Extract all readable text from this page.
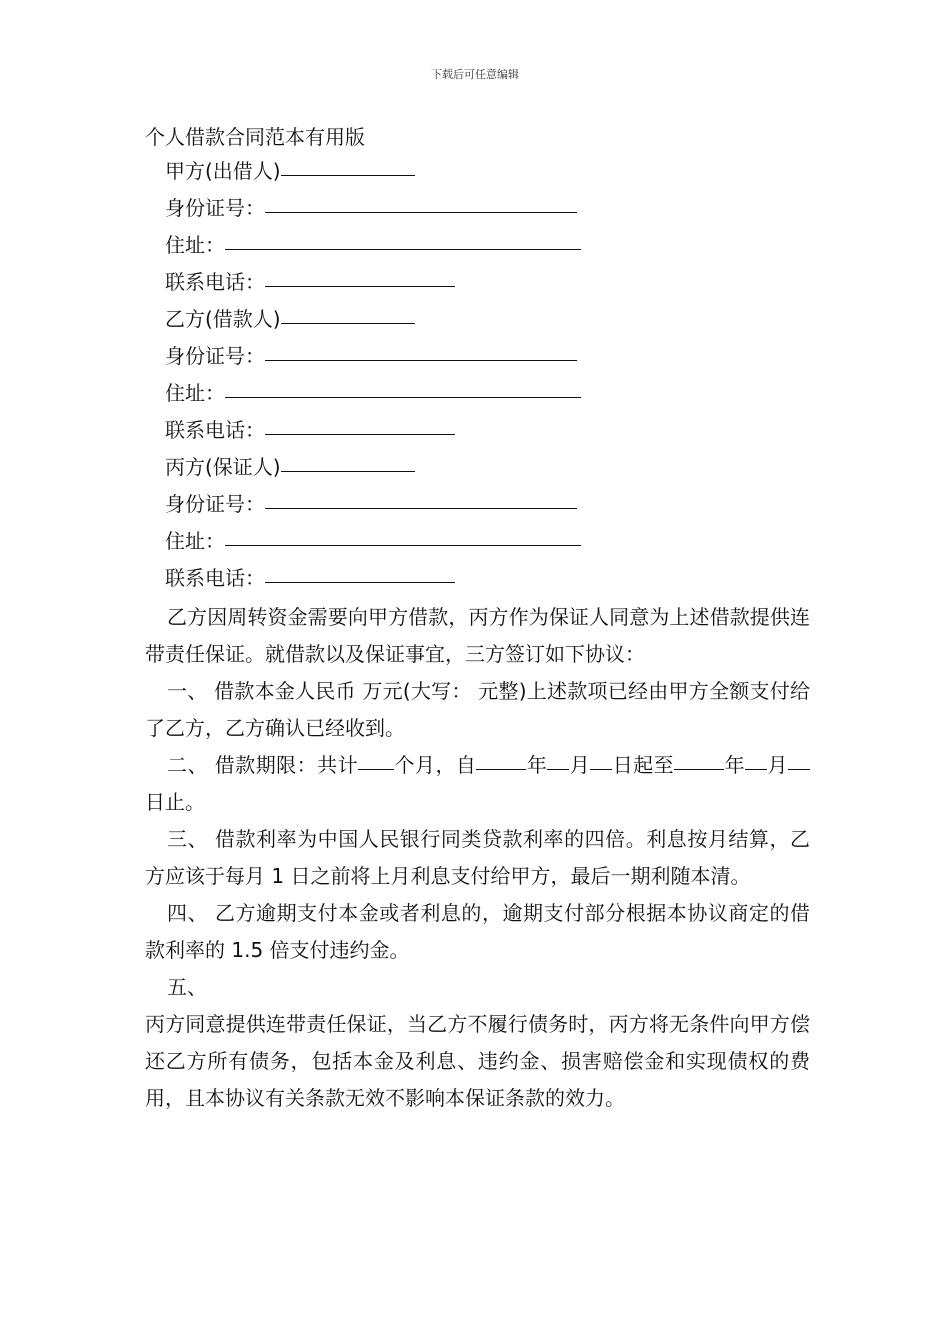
下载后可任意编辑
个人借款合同范本有用版
甲方(出借人)
身份证号：
住址：
联系电话：
乙方(借款人)
身份证号：
住址：
联系电话：
丙方(保证人)
身份证号：
住址：
联系电话：

乙方因周转资金需要向甲方借款，丙方作为保证人同意为上述借款提供连带责任保证。就借款以及保证事宜，三方签订如下协议：

一、 借款本金人民币 万元(大写： 元整)上述款项已经由甲方全额支付给了乙方，乙方确认已经收到。

二、 借款期限：共计 个月，自	年 月 日起至	年 月日止。

三、 借款利率为中国人民银行同类贷款利率的四倍。利息按月结算，乙方应该于每月 1 日之前将上月利息支付给甲方，最后一期利随本清。

四、 乙方逾期支付本金或者利息的，逾期支付部分根据本协议商定的借款利率的 1.5 倍支付违约金。

五、

丙方同意提供连带责任保证，当乙方不履行债务时，丙方将无条件向甲方偿还乙方所有债务，包括本金及利息、违约金、损害赔偿金和实现债权的费用，且本协议有关条款无效不影响本保证条款的效力。
